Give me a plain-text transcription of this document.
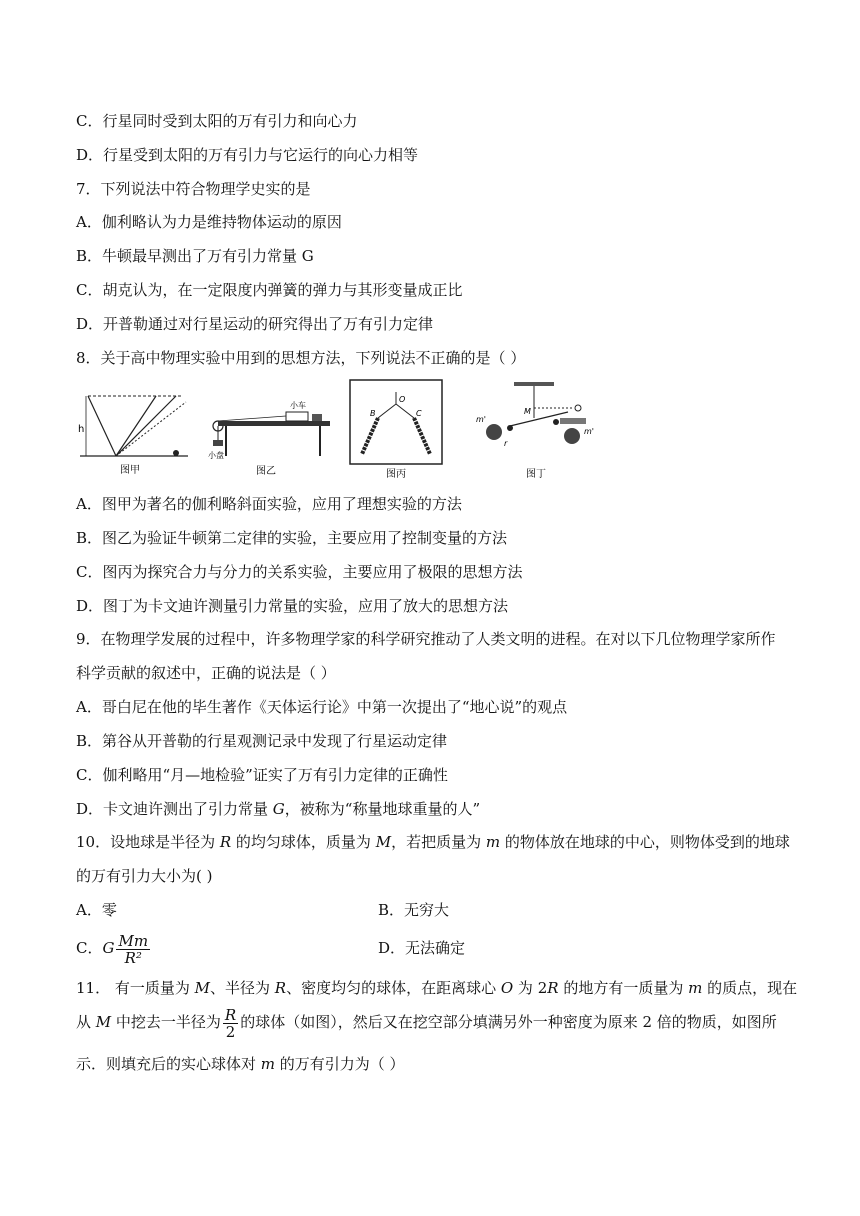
C．行星同时受到太阳的万有引力和向心力
D．行星受到太阳的万有引力与它运行的向心力相等
7．下列说法中符合物理学史实的是
A．伽利略认为力是维持物体运动的原因
B．牛顿最早测出了万有引力常量 G
C．胡克认为，在一定限度内弹簧的弹力与其形变量成正比
D．开普勒通过对行星运动的研究得出了万有引力定律
8．关于高中物理实验中用到的思想方法，下列说法不正确的是（ ）
h
图甲
小车
小盘
图乙
O
B	C
图丙
M
m'
m'
r
图丁
A．图甲为著名的伽利略斜面实验，应用了理想实验的方法
B．图乙为验证牛顿第二定律的实验，主要应用了控制变量的方法
C．图丙为探究合力与分力的关系实验，主要应用了极限的思想方法
D．图丁为卡文迪许测量引力常量的实验，应用了放大的思想方法
9．在物理学发展的过程中，许多物理学家的科学研究推动了人类文明的进程。在对以下几位物理学家所作
科学贡献的叙述中，正确的说法是（ ）
A．哥白尼在他的毕生著作《天体运行论》中第一次提出了“地心说”的观点
B．第谷从开普勒的行星观测记录中发现了行星运动定律
C．伽利略用“月—地检验”证实了万有引力定律的正确性
D．卡文迪许测出了引力常量 G，被称为“称量地球重量的人”
10．设地球是半径为 R 的均匀球体，质量为 M，若把质量为 m 的物体放在地球的中心，则物体受到的地球
的万有引力大小为( )
A．零	B．无穷大
C．G $\frac{Mm}{\text{R²}}$	D．无法确定
11． 有一质量为 M、半径为 R、密度均匀的球体，在距离球心 O 为 2R 的地方有一质量为 m 的质点，现在
从 M 中挖去一半径为 $\frac{R}{2}$ 的球体（如图），然后又在挖空部分填满另外一种密度为原来 2 倍的物质，如图所
示．则填充后的实心球体对 m 的万有引力为（ ）
